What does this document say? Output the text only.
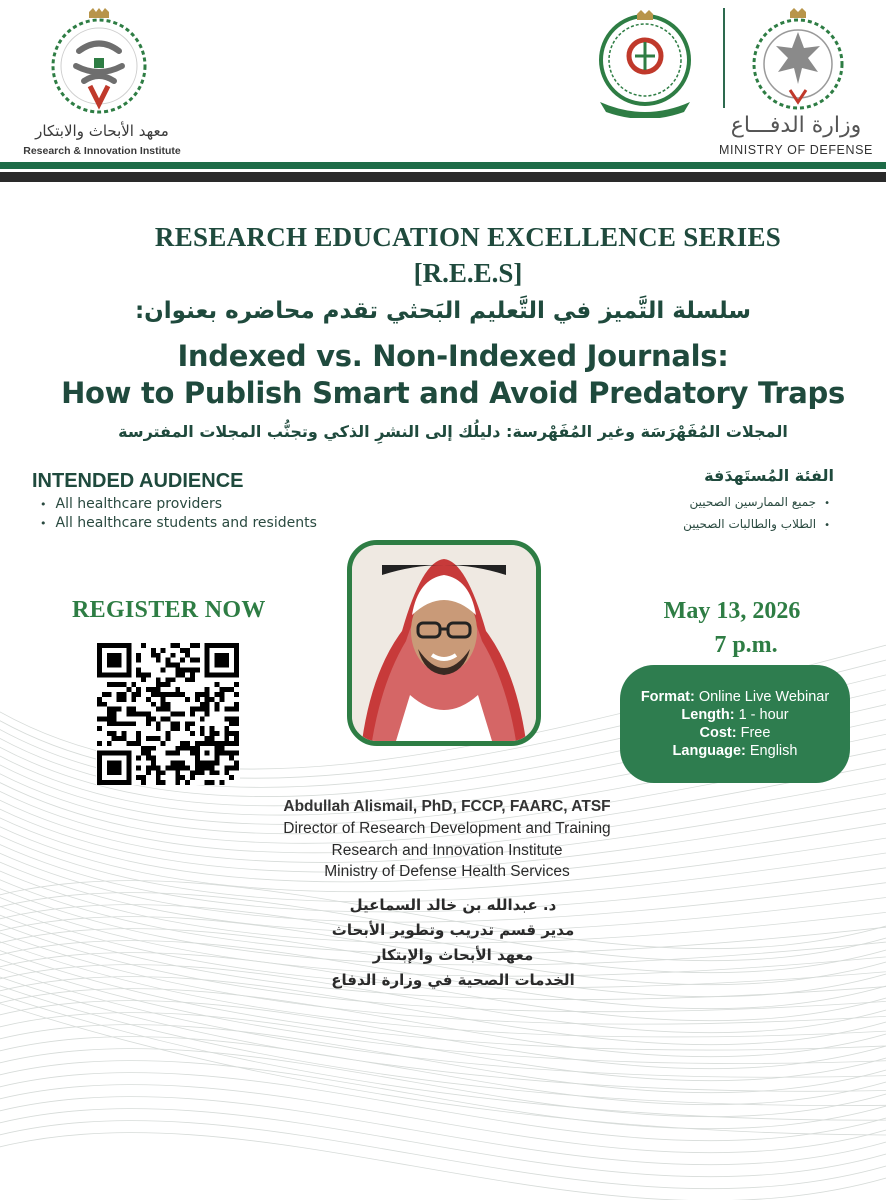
معهد الأبحاث والابتكار
Research & Innovation Institute
وزارة الدفـــاع
MINISTRY OF DEFENSE
RESEARCH EDUCATION EXCELLENCE SERIES
[R.E.E.S]
سلسلة التَّميز في التَّعليم البَحثي تقدم محاضره بعنوان:
Indexed vs. Non-Indexed Journals:
How to Publish Smart and Avoid Predatory Traps
المجلات المُفَهْرَسَة وغير المُفَهْرسة: دليلُك إلى النشرِ الذكي وتجنُّب المجلات المفترسة
INTENDED AUDIENCE
• All healthcare providers
• All healthcare students and residents
الفئة المُستَهدَفة
• جميع الممارسين الصحيين
• الطلاب والطالبات الصحيين
REGISTER NOW	May 13, 2026
7 p.m.
Format: Online Live Webinar
Length: 1 - hour
Cost: Free
Language: English
Abdullah Alismail, PhD, FCCP, FAARC, ATSF
Director of Research Development and Training
Research and Innovation Institute
Ministry of Defense Health Services
د. عبدالله بن خالد السماعيل
مدير قسم تدريب وتطوير الأبحاث
معهد الأبحاث والإبتكار
الخدمات الصحية في وزارة الدفاع
